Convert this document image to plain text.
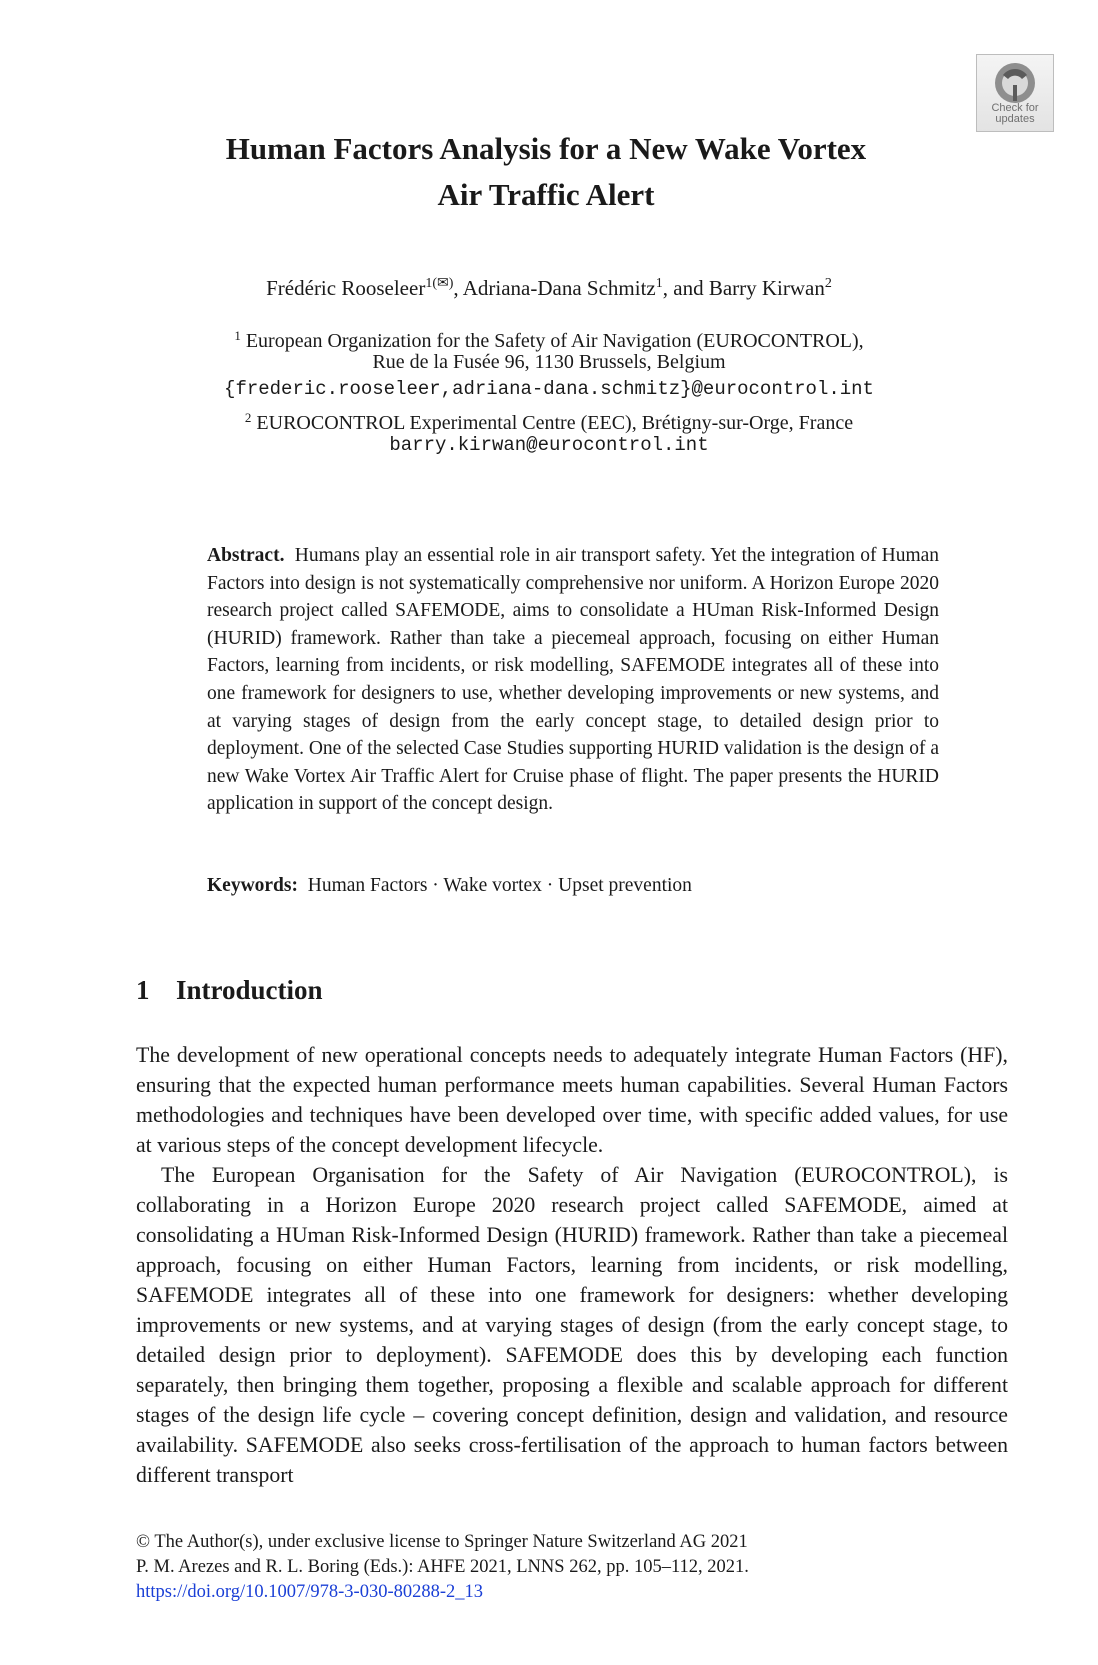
Check for
updates
Human Factors Analysis for a New Wake Vortex
Air Traffic Alert
Frédéric Rooseleer$^{1(✉)}$, Adriana-Dana Schmitz$^1$, and Barry Kirwan$^2$
$^1$ European Organization for the Safety of Air Navigation (EUROCONTROL),
Rue de la Fusée 96, 1130 Brussels, Belgium
{frederic.rooseleer,adriana-dana.schmitz}@eurocontrol.int
$^2$ EUROCONTROL Experimental Centre (EEC), Brétigny-sur-Orge, France
barry.kirwan@eurocontrol.int

Abstract. Humans play an essential role in air transport safety. Yet the integration of Human Factors into design is not systematically comprehensive nor uniform. A Horizon Europe 2020 research project called SAFEMODE, aims to consolidate a HUman Risk-Informed Design (HURID) framework. Rather than take a piecemeal approach, focusing on either Human Factors, learning from incidents, or risk modelling, SAFEMODE integrates all of these into one framework for designers to use, whether developing improvements or new systems, and at varying stages of design from the early concept stage, to detailed design prior to deployment. One of the selected Case Studies supporting HURID validation is the design of a new Wake Vortex Air Traffic Alert for Cruise phase of flight. The paper presents the HURID application in support of the concept design.

Keywords: Human Factors · Wake vortex · Upset prevention
1 Introduction

The development of new operational concepts needs to adequately integrate Human Factors (HF), ensuring that the expected human performance meets human capabilities. Several Human Factors methodologies and techniques have been developed over time, with specific added values, for use at various steps of the concept development lifecycle.

The European Organisation for the Safety of Air Navigation (EUROCONTROL), is collaborating in a Horizon Europe 2020 research project called SAFEMODE, aimed at consolidating a HUman Risk-Informed Design (HURID) framework. Rather than take a piecemeal approach, focusing on either Human Factors, learning from incidents, or risk modelling, SAFEMODE integrates all of these into one framework for designers: whether developing improvements or new systems, and at varying stages of design (from the early concept stage, to detailed design prior to deployment). SAFEMODE does this by developing each function separately, then bringing them together, proposing a flexible and scalable approach for different stages of the design life cycle – covering concept definition, design and validation, and resource availability. SAFEMODE also seeks cross-fertilisation of the approach to human factors between different transport

© The Author(s), under exclusive license to Springer Nature Switzerland AG 2021
P. M. Arezes and R. L. Boring (Eds.): AHFE 2021, LNNS 262, pp. 105–112, 2021.
https://doi.org/10.1007/978-3-030-80288-2_13
